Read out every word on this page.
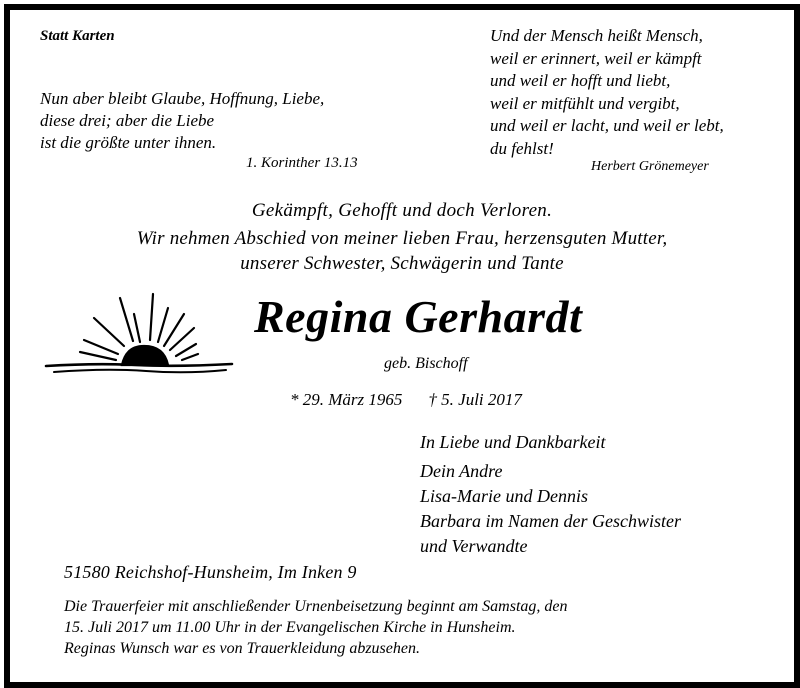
Statt Karten
Nun aber bleibt Glaube, Hoffnung, Liebe,
diese drei; aber die Liebe
ist die größte unter ihnen.
1. Korinther 13.13
Und der Mensch heißt Mensch,
weil er erinnert, weil er kämpft
und weil er hofft und liebt,
weil er mitfühlt und vergibt,
und weil er lacht, und weil er lebt,
du fehlst!
Herbert Grönemeyer
Gekämpft, Gehofft und doch Verloren.
Wir nehmen Abschied von meiner lieben Frau, herzensguten Mutter,
unserer Schwester, Schwägerin und Tante
Regina Gerhardt
geb. Bischoff
* 29. März 1965 † 5. Juli 2017
In Liebe und Dankbarkeit
Dein Andre
Lisa-Marie und Dennis
Barbara im Namen der Geschwister
und Verwandte
51580 Reichshof-Hunsheim, Im Inken 9
Die Trauerfeier mit anschließender Urnenbeisetzung beginnt am Samstag, den
15. Juli 2017 um 11.00 Uhr in der Evangelischen Kirche in Hunsheim.
Reginas Wunsch war es von Trauerkleidung abzusehen.
